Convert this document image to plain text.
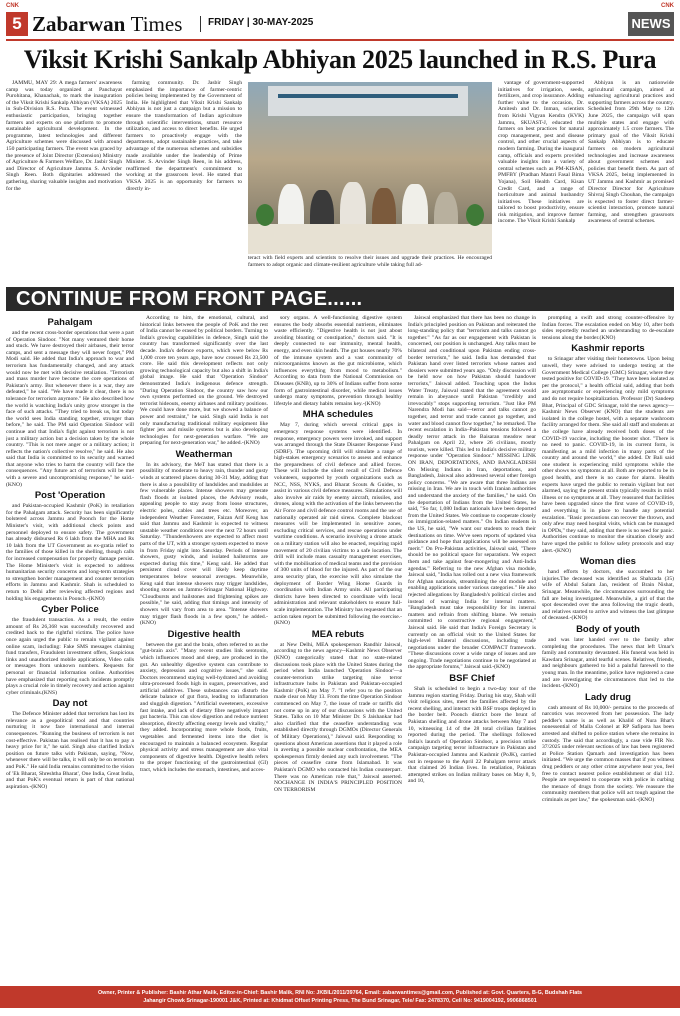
CNK	CNK
5 Zabarwan Times	FRIDAY | 30-MAY-2025	NEWS
Viksit Krishi Sankalp Abhiyan 2025 launched in R.S. Pura

JAMMU, MAY 29: A mega farmers' awareness camp was today organized at Panchayat Purohitana, Khanachak, to mark the inauguration of the Viksit Krishi Sankalp Abhiyan (VKSA) 2025 in Suh-Division R.S. Pura. The event witnessed enthusiastic participation, bringing together farmers and experts on one platform to promote sustainable agricultural development. In the programme, latest technologies and different Agriculture schemes were discussed with around 150 participating farmers. The event was graced by the presence of Joint Director (Extension) Ministry of Agriculture & Farmers Welfare, Dr. Jasbir Singh and Director of Agriculture Jammu S. Arvinder Singh Reen. Both dignitaries addressed the gathering, sharing valuable insights and motivation for the

farming community. Dr. Jasbir Singh emphasized the importance of farmer-centric policies being implemented by the Government of India. He highlighted that Viksit Krishi Sankalp Abhiyan is not just a campaign but a mission to ensure the transformation of Indian agriculture through scientific interventions, smart resource utilization, and access to direct benefits. He urged farmers to proactively engage with the departments, adopt sustainable practices, and take advantage of the numerous schemes and subsidies made available under the leadership of Prime Minister. S. Arvinder Singh Reen, in his address, reaffirmed the department's commitment to working at the grassroots level. He stated that VKSA 2025 is an opportunity for farmers to directly in-

teract with field experts and scientists to resolve their issues and upgrade their practices. He encouraged farmers to adopt organic and climate-resilient agriculture while taking full ad-

vantage of government-supported initiatives for irrigation, seeds, fertilizers, and crop insurance. Adding further value to the occasion, Dr. Amitesh and Dr. Inman, scientists from Krishi Vigyan Kendra (KVK) Jammu, SKUAST-J, educated the farmers on best practices for natural crop management, pest and disease control, and other crucial aspects of modern farming. During the inaugural camp, officials and experts provided valuable insights into a variety of central schemes such as PM-KISAN, PMFBY (Pradhan Mantri Fasal Bima Yojana), Soil Health Card, Kisan Credit Card, and a range of horticulture and animal husbandry initiatives. These initiatives are tailored to boost productivity, ensure risk mitigation, and improve farmer income. The Viksit Krishi Sankalp

Abhiyan is an nationwide agricultural campaign, aimed at enhancing agricultural practices and supporting farmers across the country. Scheduled from 29th May to 12th June 2025, the campaign will span multiple states and engage with approximately 1.5 crore farmers. The primary goal of the Viksit Krishi Sankalp Abhiyan is to educate farmers on modern agricultural technologies and increase awareness about government schemes and policies that benefit them. As part of VKSA 2025, being implemented in UT Jammu and Kashmir as promised Director Director for Agriculture Shivraj Singh Chouhan, the campaign is expected to foster direct farmer-scientist interaction, promote natural farming, and strengthen grassroots awareness of central schemes.

CONTINUE FROM FRONT PAGE......
Pahalgam

and the recent cross-border operations that were a part of Operation Sindoor. "Not many ventured their home and stuck. We have destroyed their airbases, their terror camps, and sent a message they will never forget," PM Modi said. He added that India's approach to war and terrorism has fundamentally changed, and any attack would now be met with decisive retaliation. "Terrorism and mass murder have become the core operations of Pakistan's army. But whenever there is a war, they are defeated," he said. "We have made it clear, there is no tolerance for terrorism anymore." He also described how the world is watching India's unity grow stronger in the face of such attacks. "They tried to break us, but today the world sees India standing together, stronger than before," he said. The PM said Operation Sindoor will continue and that India's fight against terrorism is not just a military action but a decision taken by the whole country. "This is not mere anger or a military action; it reflects the nation's collective resolve," he said. He also said that India is committed to its security and warned that anyone who tries to harm the country will face the consequences. "Any future act of terrorism will be met with a severe and uncompromising response," he said.-(KNO)

Post 'Operation

and Pakistan-occupied Kashmir (PoK) in retaliation for the Pahalgam attack. Security has been significantly bolstered across Jammu and Poonch for the Home Minister's visit, with additional check points and personnel deployed to ensure safety. The government has already disbursed Rs 6 lakh from the MHA and Rs 10 lakh from the UT Government as ex-gratia relief to the families of those killed in the shelling, though calls for increased compensation for properly damage persist. The Home Minister's visit is expected to address humanitarian security concerns and long-term strategies to strengthen border management and counter terrorism efforts in Jammu and Kashmir. Shah is scheduled to return to Delhi after reviewing affected regions and holding his engagements in Poonch.-(KNO)

Cyber Police

the fraudulent transaction. As a result, the entire amount of Rs 26,368 was successfully recovered and credited back to the rightful victims. The police have once again urged the public to remain vigilant against online scam, including: Fake SMS messages claiming fund transfers, Fraudulent investment offers, Suspicious links and unauthorized mobile applications, Video calls or messages from unknown numbers. Requests for personal or financial information online. Authorities have emphasized that reporting such incidents promptly plays a crucial role in timely recovery and action against cyber criminals.(KNS)

Day not

The Defence Minister added that terrorism has lost its relevance as a geopolitical tool and that countries nurturing it now face international and internal consequences. "Running the business of terrorism is not cost-effective. Pakistan has realised that it has to pay a heavy price for it," he said. Singh also clarified India's position on future talks with Pakistan, saying, "Now, whenever there will be talks, it will only be on terrorism and PoK." He said India remains committed to the vision of 'Ek Bharat, Shreshtha Bharat', One India, Great India, and that PoK's eventual return is part of that national aspiration.-(KNO)

According to him, the emotional, cultural, and historical links between the people of PoK and the rest of India cannot be erased by political borders. Turning to India's growing capabilities in defence, Singh said the country has transformed significantly over the last decade. India's defence exports, which were below Rs 1,000 crore ten years ago, have now crossed Rs 23,500 crore. He said this development reflects not only growing technological capacity but also a shift in India's global image. He said that 'Operation Sindoor' demonstrated India's indigenous defence strength. "During Operation Sindoor, the country saw how our own systems performed on the ground. We destroyed terrorist hideouts, enemy airbases and military positions. We could have done more, but we showed a balance of power and restraint," he said. Singh said India is not only manufacturing traditional military equipment like fighter jets and missile systems but is also developing technologies for next-generation warfare. "We are preparing for next-generation war," he added.-(KNO)

Weatherman

In its advisory, the MeT has stated that there is a possibility of moderate to heavy rain, thunder and gusty winds at scattered places during 30-31 May, adding that there is also a possibility of landslides and mudslides at few vulnerable places. Intense showers may generate flash floods at isolated places, the Advisory reads, appealing people to stay away from loose structures, electric poles, cables and trees etc. Moreover, an independent Weather Forecaster, Faizan Arif Keng has said that Jammu and Kashmir is expected to witness unstable weather conditions over the next 72 hours until Saturday. "Thundershowers are expected to affect most parts of the UT, with a stronger system expected to move in from Friday night into Saturday. Periods of intense showers, gusty winds, and isolated hailstorms are expected during this time," Keng said. He added that persistent cloud cover will likely keep daytime temperatures below seasonal averages. Meanwhile, Keng said that intense showers may trigger landslides, shooting stones on Jammu-Srinagar National Highway. "Cloudbursts and hailstones and frightening spikes are possible," he said, adding that timings and intensity of showers will vary from area to area. "Intense showers may trigger flash floods in a few spots," he added.-(KNO)

Digestive health

between the gut and the brain, often referred to as the "gut-brain axis". "Many recent studies link serotonin, which influences mood and sleep, are produced in the gut. An unhealthy digestive system can contribute to anxiety, depression and cognitive issues," she said. Doctors recommend staying well-hydrated and avoiding ultra-processed foods high in sugars, preservatives, and artificial additives. These substances can disturb the delicate balance of gut flora, leading to inflammation and sluggish digestion. "Artificial sweeteners, excessive fast intake, and lack of dietary fibre negatively impact gut bacteria. This can slow digestion and reduce nutrient absorption, directly affecting energy levels and vitality," they added. Incorporating more whole foods, fruits, vegetables and fermented items into the diet is encouraged to maintain a balanced ecosystem. Regular physical activity and stress management are also vital components of digestive health. Digestive health refers to the proper functioning of the gastrointestinal (GI) tract, which includes the stomach, intestines, and acces-

sory organs. A well-functioning digestive system ensures the body absorbs essential nutrients, eliminates waste efficiently. "Digestive health is not just about avoiding bloating or constipation," doctors said. "It is deeply connected to our immunity, mental health, energy, and even skin health. The gut houses nearly 70% of the immune system and a vast community of microorganisms known as the gut microbiome, which influences everything from mood to metabolism." According to data from the National Commission on Diseases (KNB), up to 30% of Indians suffer from some form of gastrointestinal disorder, while medical issues undergo many symptoms, prevention through healthy lifestyle and dietary habits remains key.-(KNO)

MHA schedules

May 7, during which several critical gaps in emergency response systems were identified. In response, emergency powers were invoked, and support was arranged through the State Disaster Response Fund (SDRF). The upcoming drill will simulate a range of high-stakes emergency scenarios to assess and enhance the preparedness of civil defence and allied forces. These will include the silent recall of Civil Defence volunteers, supported by youth organizations such as NCC, NSS, NYKS, and Bharat Scouts & Guides, to assist in various civil defence measures. Simulations will also involve air raids by enemy aircraft, missiles, and drones, along with the activation of the links between the Air Force and civil defence control rooms and the use of nationally operated air raid sirens. Complete blackout measures will be implemented in sensitive zones, excluding critical services, and rescue operations under wartime conditions. A scenario involving a drone attack on a military station will also be enacted, requiring rapid movement of 20 civilian victims to a safe location. The drill will include mass casualty management exercises, with the mobilisation of medical teams and the provision of 300 units of blood for the injured. As part of the our area security plan, the exercise will also simulate the deployment of Border Wing Home Guards in coordination with Indian Army units. All participating districts have been directed to coordinate with local administration and relevant stakeholders to ensure full-scale implementation. The Ministry has requested that an action taken report be submitted following the exercise.-(KNO)

MEA rebuts

at New Delhi, MEA spokesperson Randhir Jaiswal, according to the news agency--Kashmir News Observer (KNO) categorically stated that no state-related discussions took place with the United States during the period when India launched 'Operation Sindoor'—a counter-terrorism strike targeting nine terror infrastructure hubs in Pakistan and Pakistan-occupied Kashmir (PoK) on May 7. "I refer you to the position made clear on May 13. From the time Operation Sindoor commenced on May 7, the issue of trade or tariffs did not come up in any of our discussions with the United States. Talks on 10 Mar Minister Dr. S Jaishankar had also clarified that the ceasefire understanding was established directly through DGMOs (Director Generals of Military Operations)," Jaiswal said. Responding to questions about American assertions that it played a role in averting a possible nuclear confrontation, the MEA spokesperson firmly denied any such involvement. "The pieces of ceasefire came from Islamabad. It was Pakistan's DGMO who contacted his Indian counterpart. There was no American role that," Jaiswal asserted. NOCHANGE IN INDIA'S PRINCIPLED POSITION ON TERRORISM

Jaiswal emphasized that there has been no change in India's principled position on Pakistan and reiterated the long-standing policy that "terrorism and talks cannot go together." "As far as our engagement with Pakistan is concerned, our position is unchanged. Any talks must be bilateral and conditional upon Pakistan ending cross-border terrorism," he said. India has demanded that Pakistan hand over listed terrorists whose names and dossiers were submitted years ago. "Only discussion will be held now on how Pakistan should handover terrorists," Jaiswal added. Touching upon the Indus Water Treaty, Jaiswal stated that the agreement would remain in abeyance until Pakistan "credibly and irrevocably" stops supporting terrorism. "Just like PM Narendra Modi has said—terror and talks cannot go together, and terror and trade cannot go together, and water and blood cannot flow together," he remarked. The recent escalation in India–Pakistan tensions followed a deadly terror attack in the Baisaran meadow near Pahalgam on April 22, where 26 civilians, mostly tourists, were killed. This led to India's decisive military response under "Operation Sindoor." MISSING LINK ON IRAN, DEPORTATIONS, AND BANGLADESH On Missing Indians in Iran, deportations, and Bangladesh, Jaiswal also addressed several other foreign policy concerns. "We are aware that three Indians are missing in Iran. We are in touch with Iranian authorities and understand the anxiety of the families," he said. On the deportation of Indians from the United States, he said, "So far, 1,080 Indian nationals have been deported from the United States. We continue to cooperate closely on immigration-related matters." On Indian students in the US, he said, "We want our students to reach their destinations on time. We've seen reports of updated visa guidance and hope that applications will be assessed on merit." On Pro-Pakistan activities, Jaiswal said, "There should be no political space for separatism. We expect them and take against fear-mongering and Anti-India agendas." Referring to the new Afghan visa module, Jaiswal said, "India has rolled out a new visa framework for Afghan nationals, streamlining the old module and enabling applications under various categories." He also rejected allegations by Bangladesh's political circles and instead of warning India for internal matters. "Bangladesh must take responsibility for its internal matters and refrain from shifting blame. We remain committed to constructive regional engagement," Jaiswal said. He said that India's Foreign Secretary is currently on an official visit to the United States for high-level bilateral discussions, including trade negotiations under the broader COMPACT framework. "These discussions cover a wide range of issues and are ongoing. Trade negotiations continue to be negotiated at the appropriate forums," Jaiswal said.-(KNO)

BSF Chief

Shah is scheduled to begin a two-day tour of the Jammu region starting Friday. During his stay, Shah will visit religious sites, meet the families affected by the recent shelling, and interact with BSF troops deployed in the border belt. Poonch district bore the brunt of Pakistan shelling and drone attacks between May 7 and 10, witnessing 14 of the 28 total civilian fatalities reported during the period. The shellings followed India's launch of Operation Sindoor, a precision strike campaign targeting terror infrastructure in Pakistan and Pakistan-occupied Jammu and Kashmir (PoJK), carried out in response to the April 22 Pahalgam terror attack that claimed 26 Indian lives. In retaliation, Pakistan attempted strikes on Indian military bases on May 8, 9, and 10,

prompting a swift and strong counter-offensive by Indian forces. The escalation ended on May 10, after both sides reportedly reached an understanding to de-escalate tensions along the border.(KNO)

Kashmir reports

to Srinagar after visiting their hometowns. Upon being unwell, they were advised to undergo testing at the Government Medical College (GMC) Srinagar, where they tested positive for COVID-19. "They have been isolated as per the protocol," a health official said, adding that both are asymptomatic or experiencing only mild symptoms and do not require hospitalization. Professor (Dr) Sandeep Bhat, Principal of GDC Srinagar, told the news agency—Kashmir News Observer (KNO) that the students are isolated in the college hostel, with a separate washroom facility arranged for them. She said all staff and students at the college have already received both doses of the COVID-19 vaccine, including the booster shot. "There is no need to panic. COVID-19, in its current form, is manifesting as a mild infection in many parts of the country and around the world," she added. Dr Bali said one student is experiencing mild symptoms while the other shows no symptoms at all. Both are reported to be in good health, and there is no cause for alarm. Health experts have urged the public to remain vigilant but not alarmed, saying the present strain typically results in mild illness or no symptoms at all. They reassured that facilities have been upgraded since the first wave of COVID-19, and everything is in place to handle any potential escalation. "Basic precautions can recover the thrown, and only afew may need hospital visits, which can be managed in OPDs," they said, adding that there is no need for panic. Authorities continue to monitor the situation closely and have urged the public to follow safety protocols and stay alert.-(KNO)

Woman dies

hand efforts by doctors, she succumbed to her injuries.The deceased was identified as Shahzada (35) wife of Abdul Salam Jan, resident of Brain Nishat, Srinagar. Meanwhile, the circumstances surrounding the fall are being investigated. Meanwhile, a girl of that the spot descended over the area following the tragic death, and relatives started to arrive and witness the last glimpse of deceased.-(KNO)

Body of youth

and was later handed over to the family after completing the procedures. The news that left Umar's family and community devastated. His funeral was held in Kawdara Srinagar, amid tearful scenes. Relatives, friends, and neighbours gathered to bid a painful farewell to the young man. In the meantime, police have registered a case and are investigating the circumstances that led to the incident.-(KNO)

Lady drug

cash amount of Rs 10,000/- pertains to the proceeds of narcotics was recovered from her possession. The lady peddler's name is as well as Khalid of Nura Bhat's nonessential of Malla Colonel at RP Safipora has been arrested and shifted to police station where she remains in custody. The said that accordingly, a case vide FIR No. 37/2025 under relevant sections of law has been registered at Police Station Qamarh and investigation has been initiated. "We urge the common masses that if you witness drug peddlers or any other crime anywhere near you, feel free to contact nearest police establishment or dial 112. People are requested to cooperate with police in curbing the menace of drugs from the society. We reassure the community members that police will act tough against the criminals as per law," the spokesman said.-(KNO)

Owner, Printer & Publisher: Bashir Athar Malik, Editor-in-Chief: Bashir Malik, RNI No: JKBIL/2011/39764, Email: zabarwantimes@gmail.com, Published at: Govt. Quarters, B-G, Budshah Flats
Jahangir Chowk Srinagar-190001 J&K, Printed at: Khidmat Offset Printing Press, The Bund Srinagar, Tele/ Fax: 2478370, Cell No: 9419004192, 9906868501
